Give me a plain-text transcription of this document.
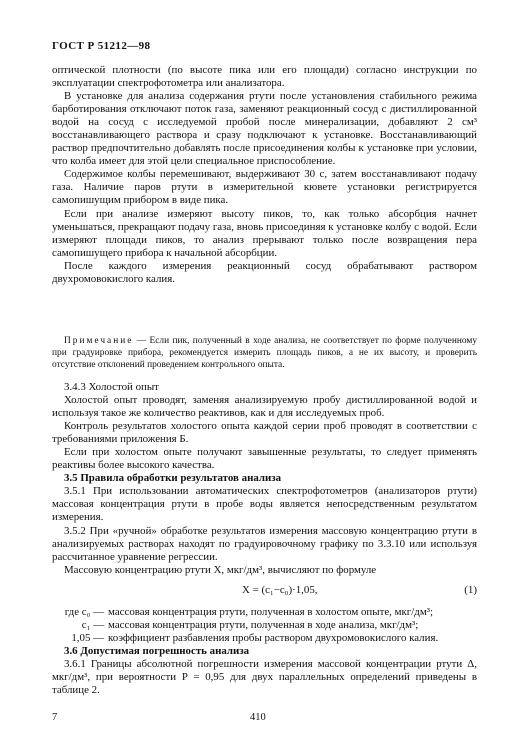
ГОСТ Р 51212—98

оптической плотности (по высоте пика или его площади) согласно инструкции по эксплуатации спектрофотометра или анализатора.

В установке для анализа содержания ртути после установления стабильного режима барботирования отключают поток газа, заменяют реакционный сосуд с дистиллированной водой на сосуд с исследуемой пробой после минерализации, добавляют 2 см³ восстанавливающего раствора и сразу подключают к установке. Восстанавливающий раствор предпочтительно добавлять после присоединения колбы к установке при условии, что колба имеет для этой цели специальное приспособление.

Содержимое колбы перемешивают, выдерживают 30 с, затем восстанавливают подачу газа. Наличие паров ртути в измерительной кювете установки регистрируется самопишущим прибором в виде пика.

Если при анализе измеряют высоту пиков, то, как только абсорбция начнет уменьшаться, прекращают подачу газа, вновь присоединяя к установке колбу с водой. Если измеряют площади пиков, то анализ прерывают только после возвращения пера самопишущего прибора к начальной абсорбции.

После каждого измерения реакционный сосуд обрабатывают раствором двухромовокислого калия.

Примечание — Если пик, полученный в ходе анализа, не соответствует по форме полученному при градуировке прибора, рекомендуется измерить площадь пиков, а не их высоту, и проверить отсутствие отклонений проведением контрольного опыта.

3.4.3 Холостой опыт

Холостой опыт проводят, заменяя анализируемую пробу дистиллированной водой и используя такое же количество реактивов, как и для исследуемых проб.

Контроль результатов холостого опыта каждой серии проб проводят в соответствии с требованиями приложения Б.

Если при холостом опыте получают завышенные результаты, то следует применять реактивы более высокого качества.

3.5 Правила обработки результатов анализа

3.5.1 При использовании автоматических спектрофотометров (анализаторов ртути) массовая концентрация ртути в пробе воды является непосредственным результатом измерения.

3.5.2 При «ручной» обработке результатов измерения массовую концентрацию ртути в анализируемых растворах находят по градуировочному графику по 3.3.10 или используя рассчитанное уравнение регрессии.

Массовую концентрацию ртути X, мкг/дм³, вычисляют по формуле

X = (c₁−c₀)·1,05,	(1)
где c₀ — массовая концентрация ртути, полученная в холостом опыте, мкг/дм³;
c₁ — массовая концентрация ртути, полученная в ходе анализа, мкг/дм³;
1,05 — коэффициент разбавления пробы раствором двухромовокислого калия.

3.6 Допустимая погрешность анализа

3.6.1 Границы абсолютной погрешности измерения массовой концентрации ртути Δ, мкг/дм³, при вероятности P = 0,95 для двух параллельных определений приведены в таблице 2.

7	410
